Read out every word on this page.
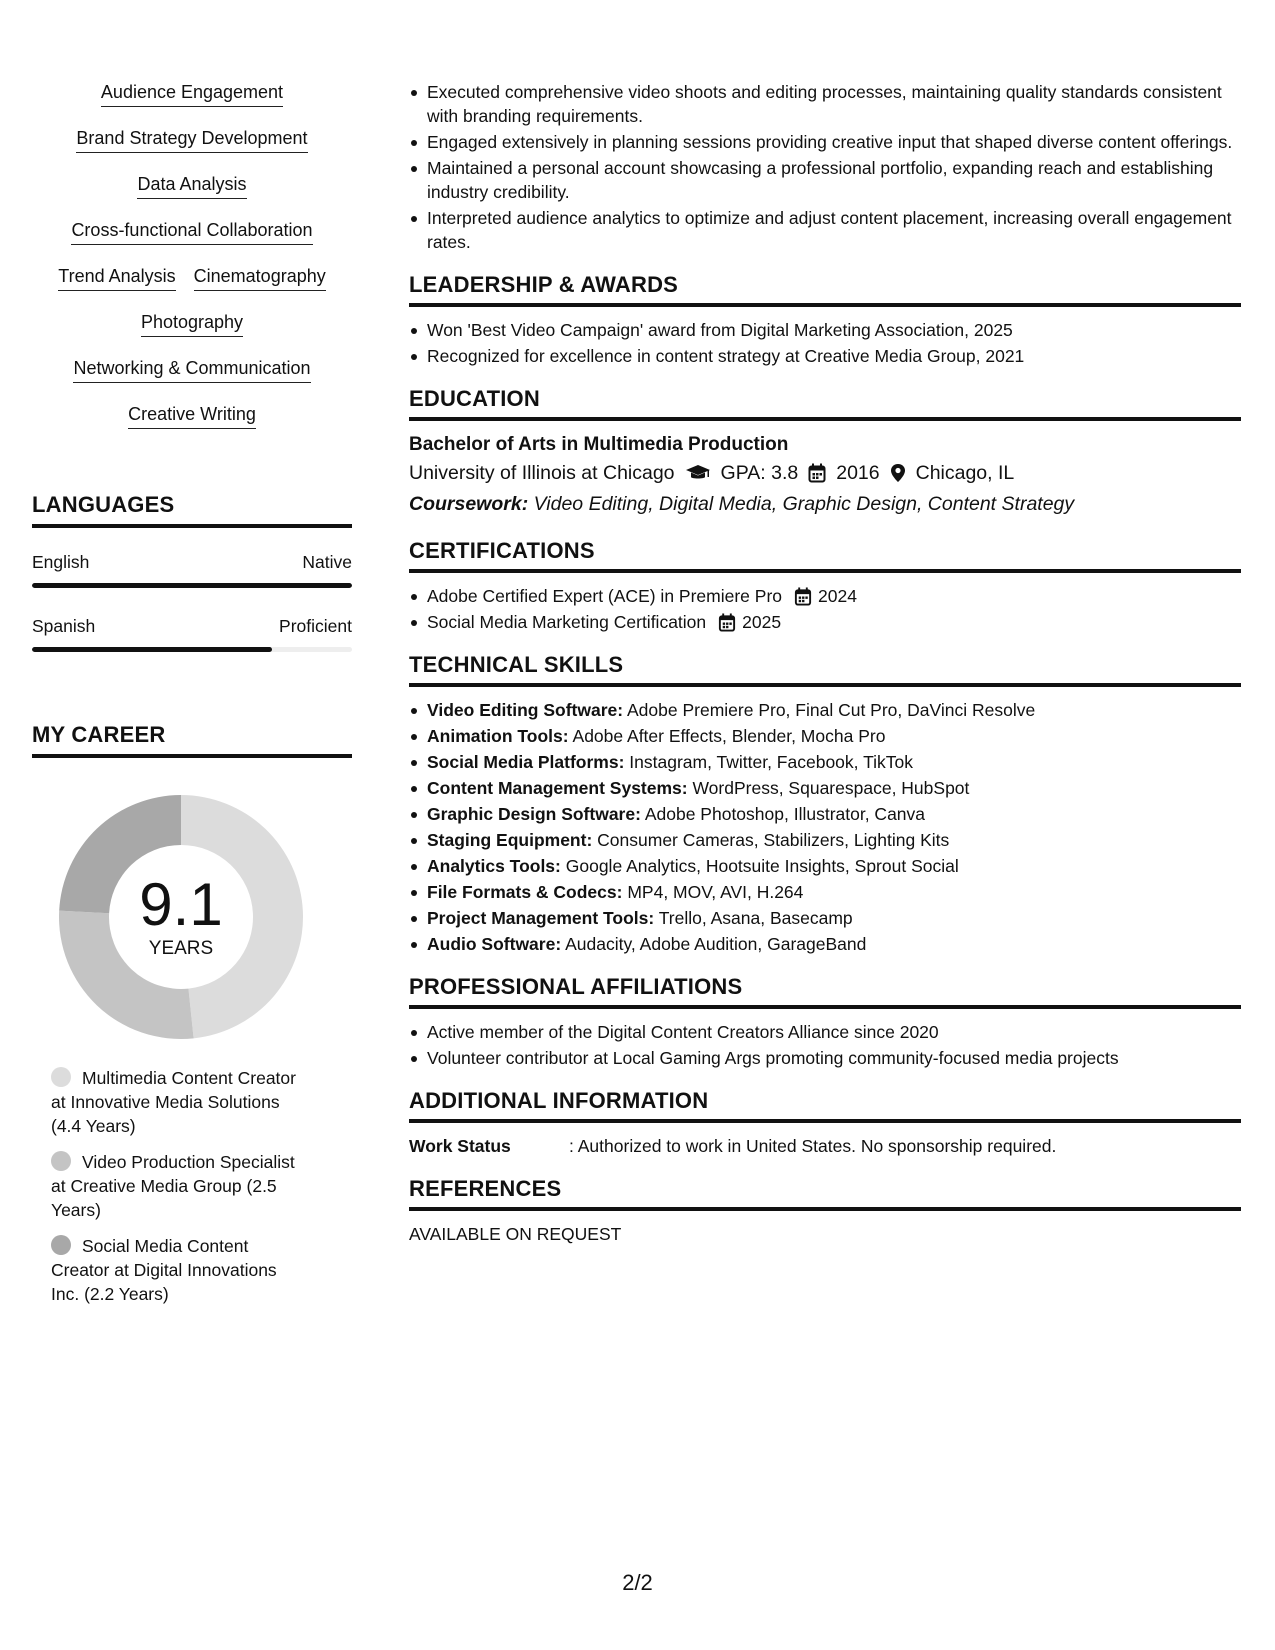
Audience Engagement
Brand Strategy Development
Data Analysis
Cross-functional Collaboration
Trend Analysis Cinematography
Photography
Networking & Communication
Creative Writing
LANGUAGES
English	Native
Spanish	Proficient
MY CAREER
9.1
YEARS
Multimedia Content Creator at Innovative Media Solutions (4.4 Years)
Video Production Specialist at Creative Media Group (2.5 Years)
Social Media Content Creator at Digital Innovations Inc. (2.2 Years)
Executed comprehensive video shoots and editing processes, maintaining quality standards consistent with branding requirements.
Engaged extensively in planning sessions providing creative input that shaped diverse content offerings.
Maintained a personal account showcasing a professional portfolio, expanding reach and establishing industry credibility.
Interpreted audience analytics to optimize and adjust content placement, increasing overall engagement rates.
LEADERSHIP & AWARDS
Won 'Best Video Campaign' award from Digital Marketing Association, 2025
Recognized for excellence in content strategy at Creative Media Group, 2021
EDUCATION
Bachelor of Arts in Multimedia Production
University of Illinois at Chicago GPA: 3.8 2016 Chicago, IL
Coursework: Video Editing, Digital Media, Graphic Design, Content Strategy
CERTIFICATIONS
Adobe Certified Expert (ACE) in Premiere Pro 2024
Social Media Marketing Certification 2025
TECHNICAL SKILLS
Video Editing Software: Adobe Premiere Pro, Final Cut Pro, DaVinci Resolve
Animation Tools: Adobe After Effects, Blender, Mocha Pro
Social Media Platforms: Instagram, Twitter, Facebook, TikTok
Content Management Systems: WordPress, Squarespace, HubSpot
Graphic Design Software: Adobe Photoshop, Illustrator, Canva
Staging Equipment: Consumer Cameras, Stabilizers, Lighting Kits
Analytics Tools: Google Analytics, Hootsuite Insights, Sprout Social
File Formats & Codecs: MP4, MOV, AVI, H.264
Project Management Tools: Trello, Asana, Basecamp
Audio Software: Audacity, Adobe Audition, GarageBand
PROFESSIONAL AFFILIATIONS
Active member of the Digital Content Creators Alliance since 2020
Volunteer contributor at Local Gaming Args promoting community-focused media projects
ADDITIONAL INFORMATION
Work Status	: Authorized to work in United States. No sponsorship required.
REFERENCES
AVAILABLE ON REQUEST
2/2
